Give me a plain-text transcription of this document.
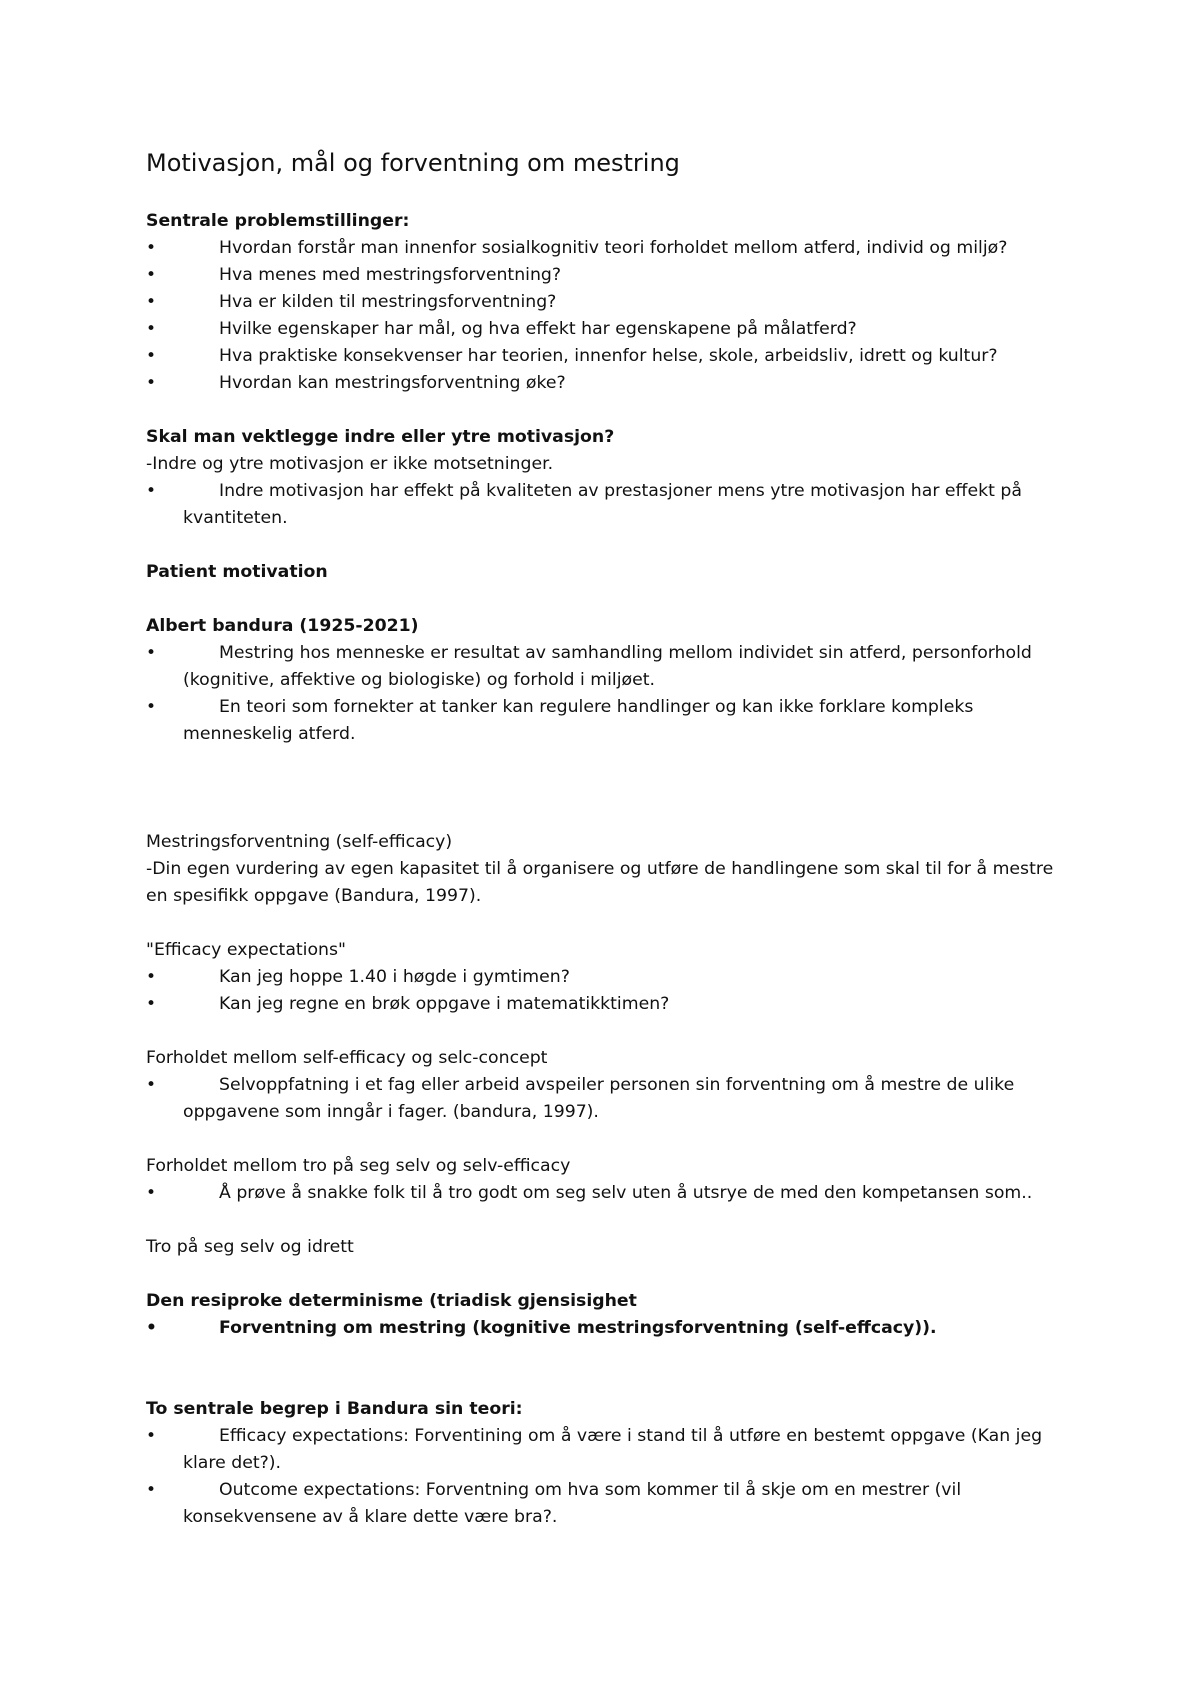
Motivasjon, mål og forventning om mestring

Sentrale problemstillinger:

• Hvordan forstår man innenfor sosialkognitiv teori forholdet mellom atferd, individ og miljø?
• Hva menes med mestringsforventning?
• Hva er kilden til mestringsforventning?
• Hvilke egenskaper har mål, og hva effekt har egenskapene på målatferd?
• Hva praktiske konsekvenser har teorien, innenfor helse, skole, arbeidsliv, idrett og kultur?
• Hvordan kan mestringsforventning øke?

Skal man vektlegge indre eller ytre motivasjon?

-Indre og ytre motivasjon er ikke motsetninger.

• Indre motivasjon har effekt på kvaliteten av prestasjoner mens ytre motivasjon har effekt på kvantiteten.

Patient motivation

Albert bandura (1925-2021)

• Mestring hos menneske er resultat av samhandling mellom individet sin atferd, personforhold (kognitive, affektive og biologiske) og forhold i miljøet.
• En teori som fornekter at tanker kan regulere handlinger og kan ikke forklare kompleks menneskelig atferd.

Mestringsforventning (self-efficacy)

-Din egen vurdering av egen kapasitet til å organisere og utføre de handlingene som skal til for å mestre en spesifikk oppgave (Bandura, 1997).

"Efficacy expectations"

• Kan jeg hoppe 1.40 i høgde i gymtimen?
• Kan jeg regne en brøk oppgave i matematikktimen?

Forholdet mellom self-efficacy og selc-concept

• Selvoppfatning i et fag eller arbeid avspeiler personen sin forventning om å mestre de ulike oppgavene som inngår i fager. (bandura, 1997).

Forholdet mellom tro på seg selv og selv-efficacy

• Å prøve å snakke folk til å tro godt om seg selv uten å utsrye de med den kompetansen som..

Tro på seg selv og idrett

Den resiproke determinisme (triadisk gjensisighet

• Forventning om mestring (kognitive mestringsforventning (self-effcacy)).

To sentrale begrep i Bandura sin teori:

• Efficacy expectations: Forventining om å være i stand til å utføre en bestemt oppgave (Kan jeg klare det?).
• Outcome expectations: Forventning om hva som kommer til å skje om en mestrer (vil konsekvensene av å klare dette være bra?.
